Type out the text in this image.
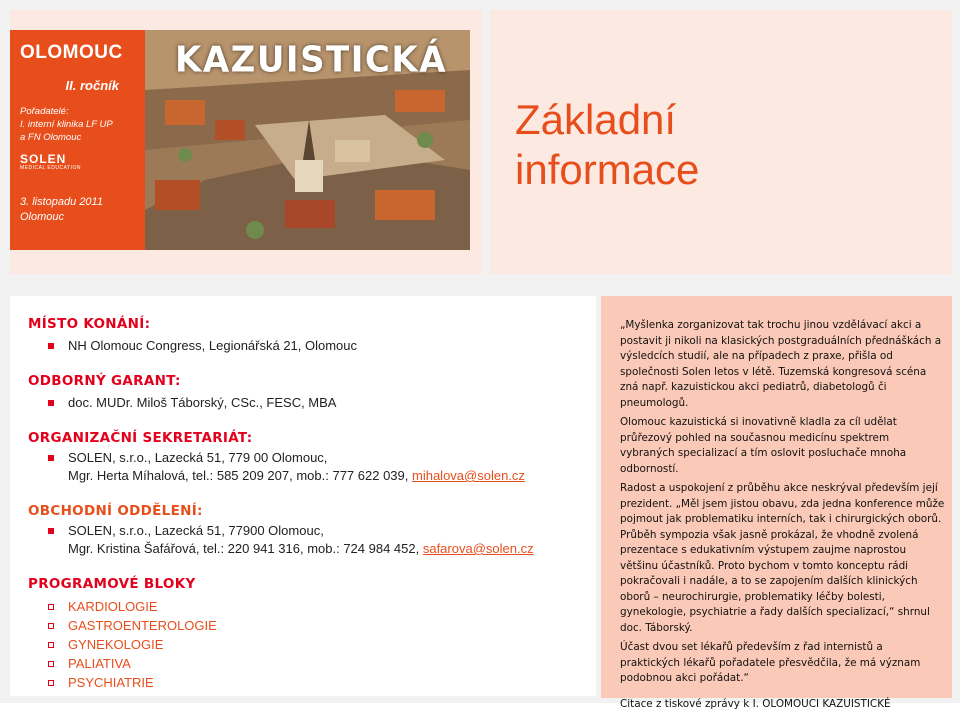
OLOMOUC
II. ročník
Pořadatelé:
I. interní klinika LF UP
a FN Olomouc
SOLEN
MEDICAL EDUCATION
3. listopadu 2011
Olomouc
KAZUISTICKÁ
Základní
informace
MÍSTO KONÁNÍ:
NH Olomouc Congress, Legionářská 21, Olomouc
ODBORNÝ GARANT:
doc. MUDr. Miloš Táborský, CSc., FESC, MBA
ORGANIZAČNÍ SEKRETARIÁT:
SOLEN, s.r.o., Lazecká 51, 779 00 Olomouc,
Mgr. Herta Míhalová, tel.: 585 209 207, mob.: 777 622 039, mihalova@solen.cz
OBCHODNÍ ODDĚLENÍ:
SOLEN, s.r.o., Lazecká 51, 77900 Olomouc,
Mgr. Kristina Šafářová, tel.: 220 941 316, mob.: 724 984 452, safarova@solen.cz
PROGRAMOVÉ BLOKY
KARDIOLOGIE
GASTROENTEROLOGIE
GYNEKOLOGIE
PALIATIVA
PSYCHIATRIE

„Myšlenka zorganizovat tak trochu jinou vzdělávací akci a postavit ji nikoli na klasických postgraduálních přednáškách a výsledcích studií, ale na případech z praxe, přišla od společnosti Solen letos v létě. Tuzemská kongresová scéna zná např. kazuistickou akci pediatrů, diabetologů či pneumologů.

Olomouc kazuistická si inovativně kladla za cíl udělat průřezový pohled na současnou medicínu spektrem vybraných specializací a tím oslovit posluchače mnoha odborností.

Radost a uspokojení z průběhu akce neskrýval především její prezident. „Měl jsem jistou obavu, zda jedna konference může pojmout jak problematiku interních, tak i chirurgických oborů. Průběh sympozia však jasně prokázal, že vhodně zvolená prezentace s edukativním výstupem zaujme naprostou většinu účastníků. Proto bychom v tomto konceptu rádi pokračovali i nadále, a to se zapojením dalších klinických oborů – neurochirurgie, problematiky léčby bolesti, gynekologie, psychiatrie a řady dalších specializací,“ shrnul doc. Táborský.

Účast dvou set lékařů především z řad internistů a praktických lékařů pořadatele přesvědčila, že má význam podobnou akci pořádat.“

Citace z tiskové zprávy k I. OLOMOUCI KAZUISTICKÉ
